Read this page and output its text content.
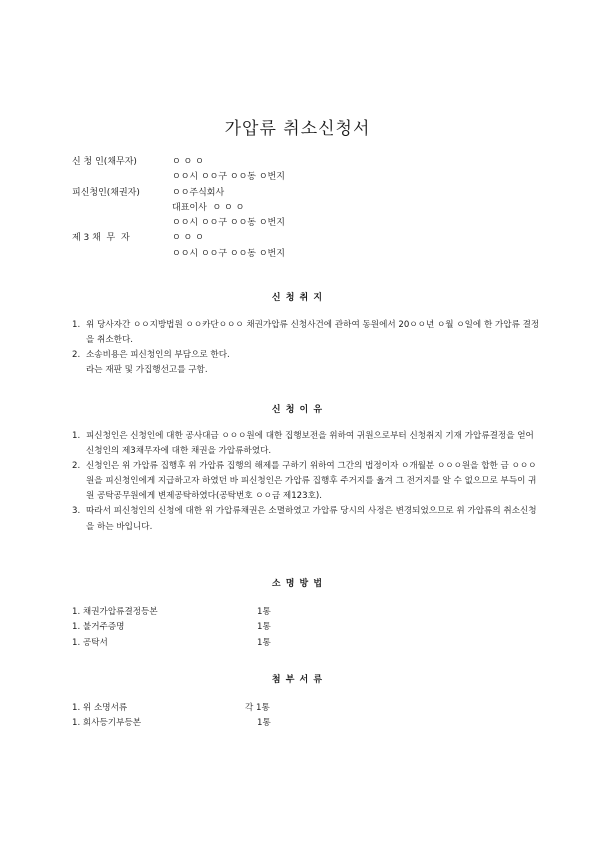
가압류 취소신청서
신 청 인(채무자)	ㅇ ㅇ ㅇ
ㅇㅇ시 ㅇㅇ구 ㅇㅇ동 ㅇ번지
피신청인(채권자)	ㅇㅇ주식회사
대표이사  ㅇ ㅇ ㅇ
ㅇㅇ시 ㅇㅇ구 ㅇㅇ동 ㅇ번지
제 3 채  무  자	ㅇ ㅇ ㅇ
ㅇㅇ시 ㅇㅇ구 ㅇㅇ동 ㅇ번지
신 청 취 지
1. 위 당사자간 ㅇㅇ지방법원 ㅇㅇ카단ㅇㅇㅇ 채권가압류 신청사건에 관하여 동원에서 20ㅇㅇ년 ㅇ월 ㅇ일에 한 가압류 결정을 취소한다.
2. 소송비용은 피신청인의 부담으로 한다.
라는 재판 및 가집행선고를 구함.
신 청 이 유
1. 피신청인은 신청인에 대한 공사대금 ㅇㅇㅇ원에 대한 집행보전을 위하여 귀원으로부터 신청취지 기재 가압류결정을 얻어 신청인의 제3채무자에 대한 채권을 가압류하였다.
2. 신청인은 위 가압류 집행후 위 가압류 집행의 해제를 구하기 위하여 그간의 법정이자 ㅇ개월분 ㅇㅇㅇ원을 합한 금 ㅇㅇㅇ원을 피신청인에게 지급하고자 하였던 바 피신청인은 가압류 집행후 주거지를 옮겨 그 전거지를 알 수 없으므로 부득이 귀원 공탁공무원에게 변제공탁하였다(공탁번호 ㅇㅇ금 제123호).
3. 따라서 피신청인의 신청에 대한 위 가압류채권은 소멸하였고 가압류 당시의 사정은 변경되었으므로 위 가압류의 취소신청을 하는 바입니다.
소 명 방 법
1. 채권가압류결정등본	1통
1. 불거주증명	1통
1. 공탁서	1통
첨 부 서 류
1. 위 소명서류	각 1통
1. 회사등기부등본	1통
